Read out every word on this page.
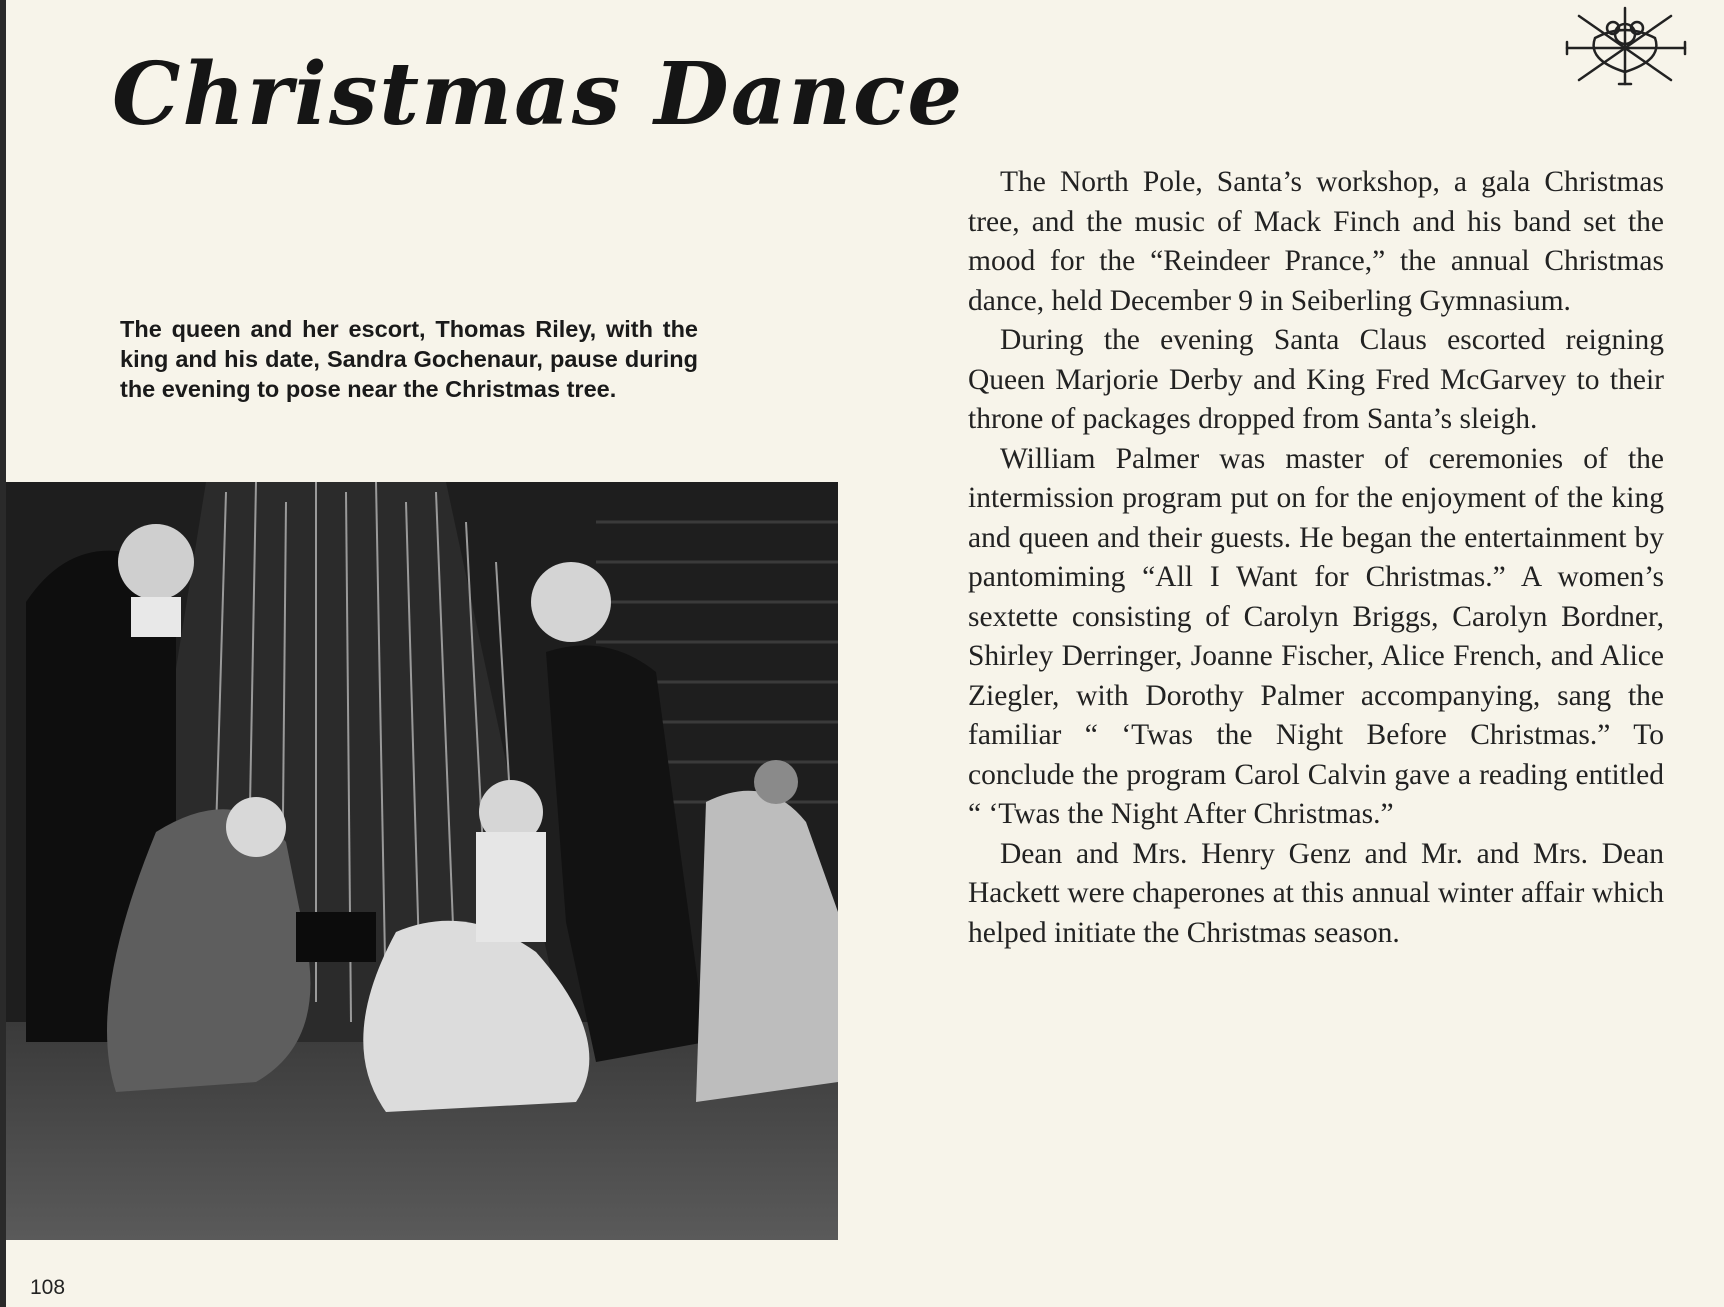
Christmas Dance

The queen and her escort, Thomas Riley, with the king and his date, Sandra Gochenaur, pause during the evening to pose near the Christmas tree.

The North Pole, Santa’s workshop, a gala Christmas tree, and the music of Mack Finch and his band set the mood for the “Reindeer Prance,” the annual Christmas dance, held December 9 in Seiberling Gymnasium.

During the evening Santa Claus escorted reigning Queen Marjorie Derby and King Fred McGarvey to their throne of packages dropped from Santa’s sleigh.

William Palmer was master of ceremonies of the intermission program put on for the enjoyment of the king and queen and their guests. He began the entertainment by pantomiming “All I Want for Christmas.” A women’s sextette consisting of Carolyn Briggs, Carolyn Bordner, Shirley Derringer, Joanne Fischer, Alice French, and Alice Ziegler, with Dorothy Palmer accompanying, sang the familiar “ ‘Twas the Night Before Christmas.” To conclude the program Carol Calvin gave a reading entitled “ ‘Twas the Night After Christmas.”

Dean and Mrs. Henry Genz and Mr. and Mrs. Dean Hackett were chaperones at this annual winter affair which helped initiate the Christmas season.

108
